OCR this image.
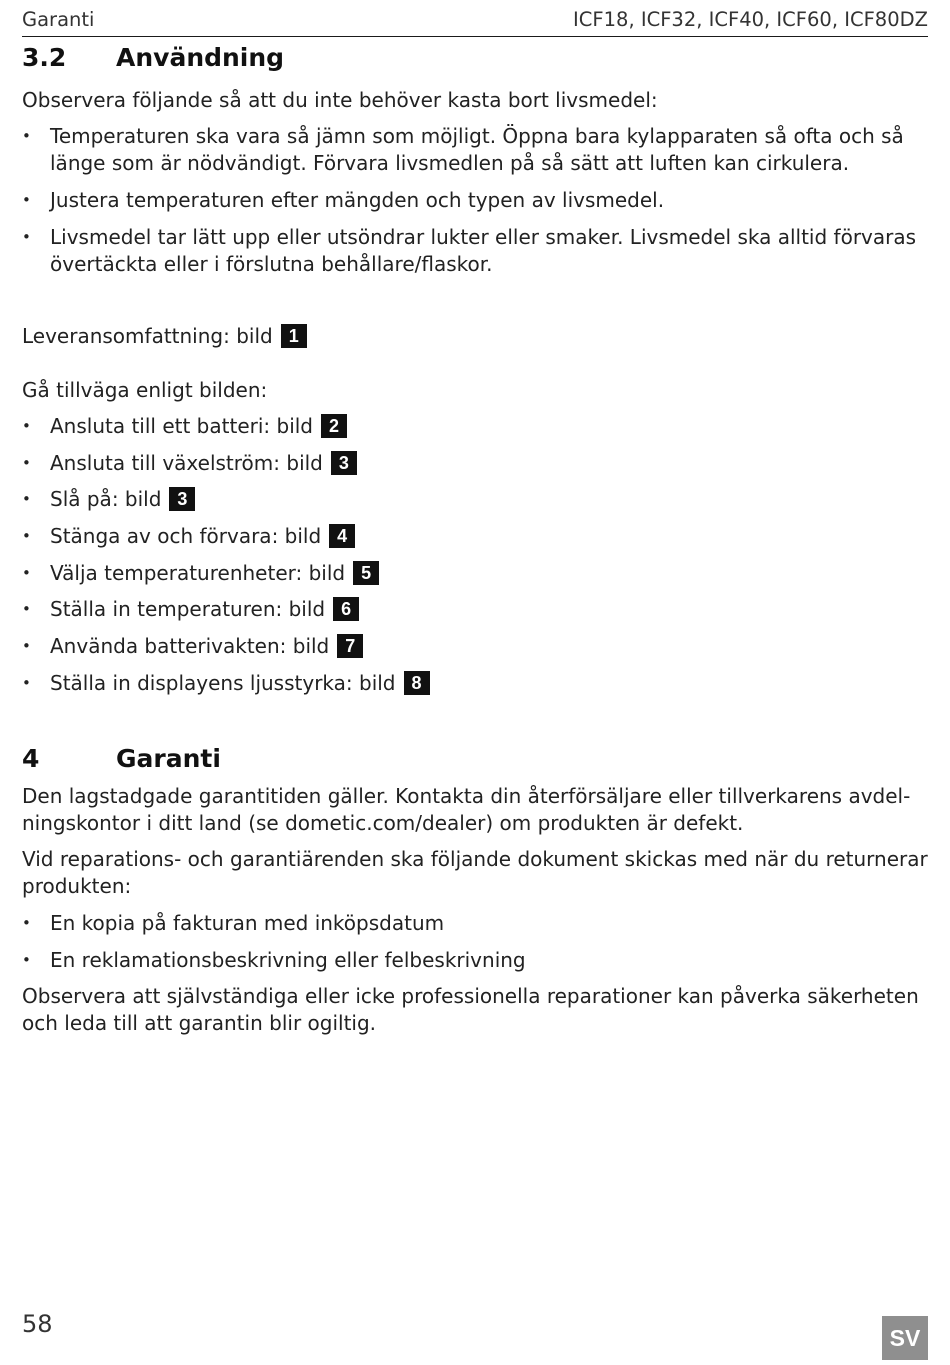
Garanti	ICF18, ICF32, ICF40, ICF60, ICF80DZ
3.2 Användning

Observera följande så att du inte behöver kasta bort livsmedel:

• Temperaturen ska vara så jämn som möjligt. Öppna bara kylapparaten så ofta och så länge som är nödvändigt. Förvara livsmedlen på så sätt att luften kan cirkulera.
• Justera temperaturen efter mängden och typen av livsmedel.
• Livsmedel tar lätt upp eller utsöndrar lukter eller smaker. Livsmedel ska alltid förvaras övertäckta eller i förslutna behållare/flaskor.

Leveransomfattning: bild 1

Gå tillväga enligt bilden:

• Ansluta till ett batteri: bild 2
• Ansluta till växelström: bild 3
• Slå på: bild 3
• Stänga av och förvara: bild 4
• Välja temperaturenheter: bild 5
• Ställa in temperaturen: bild 6
• Använda batterivakten: bild 7
• Ställa in displayens ljusstyrka: bild 8
4	Garanti

Den lagstadgade garantitiden gäller. Kontakta din återförsäljare eller tillverkarens avdel-ningskontor i ditt land (se dometic.com/dealer) om produkten är defekt.

Vid reparations- och garantiärenden ska följande dokument skickas med när du returnerar produkten:

• En kopia på fakturan med inköpsdatum
• En reklamationsbeskrivning eller felbeskrivning

Observera att självständiga eller icke professionella reparationer kan påverka säkerheten och leda till att garantin blir ogiltig.

58	SV
